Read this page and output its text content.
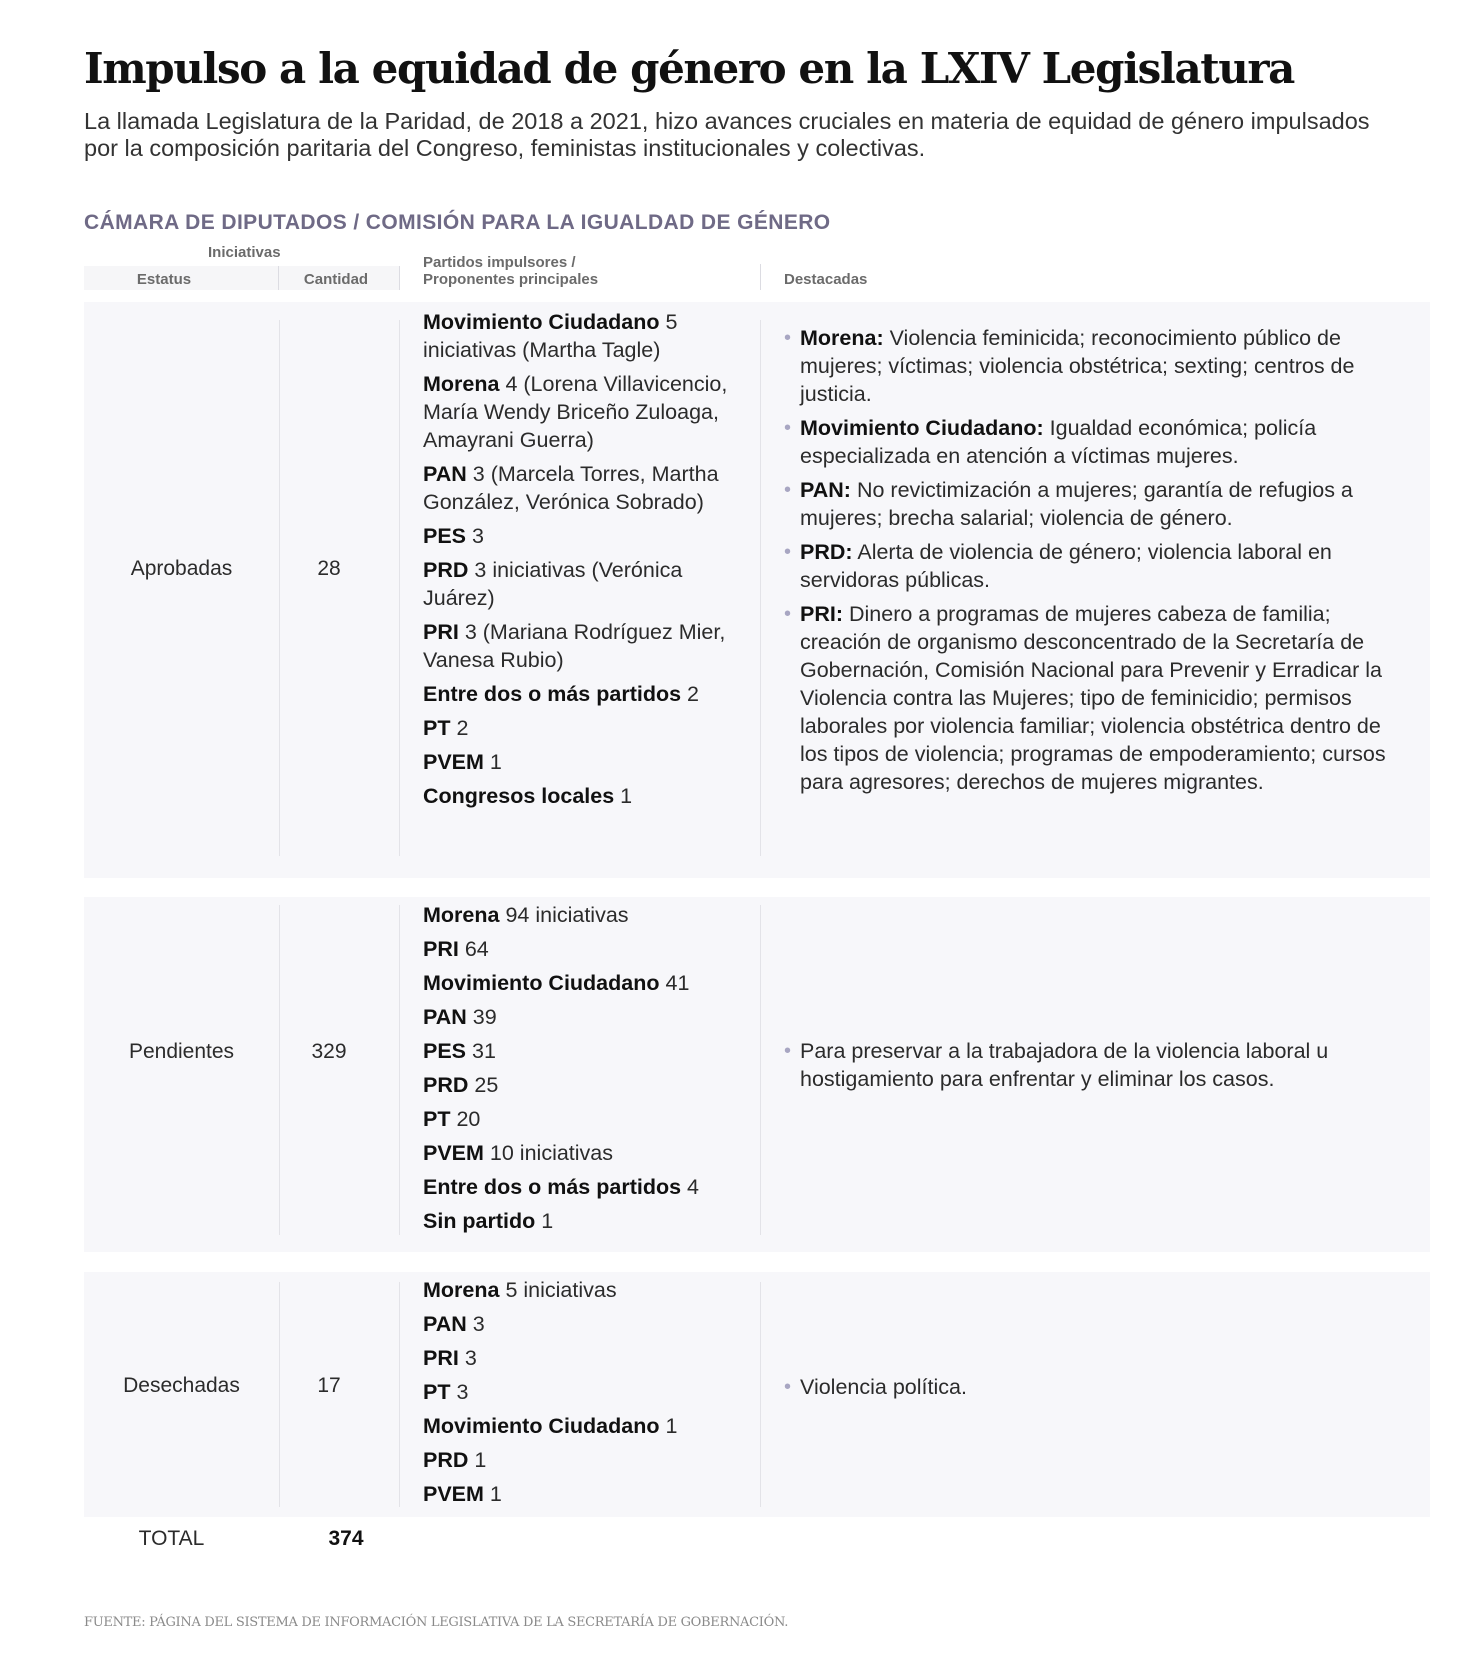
Impulso a la equidad de género en la LXIV Legislatura

La llamada Legislatura de la Paridad, de 2018 a 2021, hizo avances cruciales en materia de equidad de género impulsados por la composición paritaria del Congreso, feministas institucionales y colectivas.

CÁMARA DE DIPUTADOS / COMISIÓN PARA LA IGUALDAD DE GÉNERO
Iniciativas
Estatus	Cantidad
Partidos impulsores /
Proponentes principales	Destacadas
Aprobadas	28
Movimiento Ciudadano 5 iniciativas (Martha Tagle)
Morena 4 (Lorena Villavicencio, María Wendy Briceño Zuloaga, Amayrani Guerra)
PAN 3 (Marcela Torres, Martha González, Verónica Sobrado)
PES 3
PRD 3 iniciativas (Verónica Juárez)
PRI 3 (Mariana Rodríguez Mier, Vanesa Rubio)
Entre dos o más partidos 2
PT 2
PVEM 1
Congresos locales 1
• Morena: Violencia feminicida; reconocimiento público de mujeres; víctimas; violencia obstétrica; sexting; centros de justicia.
• Movimiento Ciudadano: Igualdad económica; policía especializada en atención a víctimas mujeres.
• PAN: No revictimización a mujeres; garantía de refugios a mujeres; brecha salarial; violencia de género.
• PRD: Alerta de violencia de género; violencia laboral en servidoras públicas.
• PRI: Dinero a programas de mujeres cabeza de familia; creación de organismo desconcentrado de la Secretaría de Gobernación, Comisión Nacional para Prevenir y Erradicar la Violencia contra las Mujeres; tipo de feminicidio; permisos laborales por violencia familiar; violencia obstétrica dentro de los tipos de violencia; programas de empoderamiento; cursos para agresores; derechos de mujeres migrantes.
Pendientes	329
Morena 94 iniciativas
PRI 64
Movimiento Ciudadano 41
PAN 39
PES 31
PRD 25
PT 20
PVEM 10 iniciativas
Entre dos o más partidos 4
Sin partido 1
• Para preservar a la trabajadora de la violencia laboral u hostigamiento para enfrentar y eliminar los casos.
Desechadas	17
Morena 5 iniciativas
PAN 3
PRI 3
PT 3
Movimiento Ciudadano 1
PRD 1
PVEM 1
• Violencia política.
TOTAL	374
FUENTE: PÁGINA DEL SISTEMA DE INFORMACIÓN LEGISLATIVA DE LA SECRETARÍA DE GOBERNACIÓN.
